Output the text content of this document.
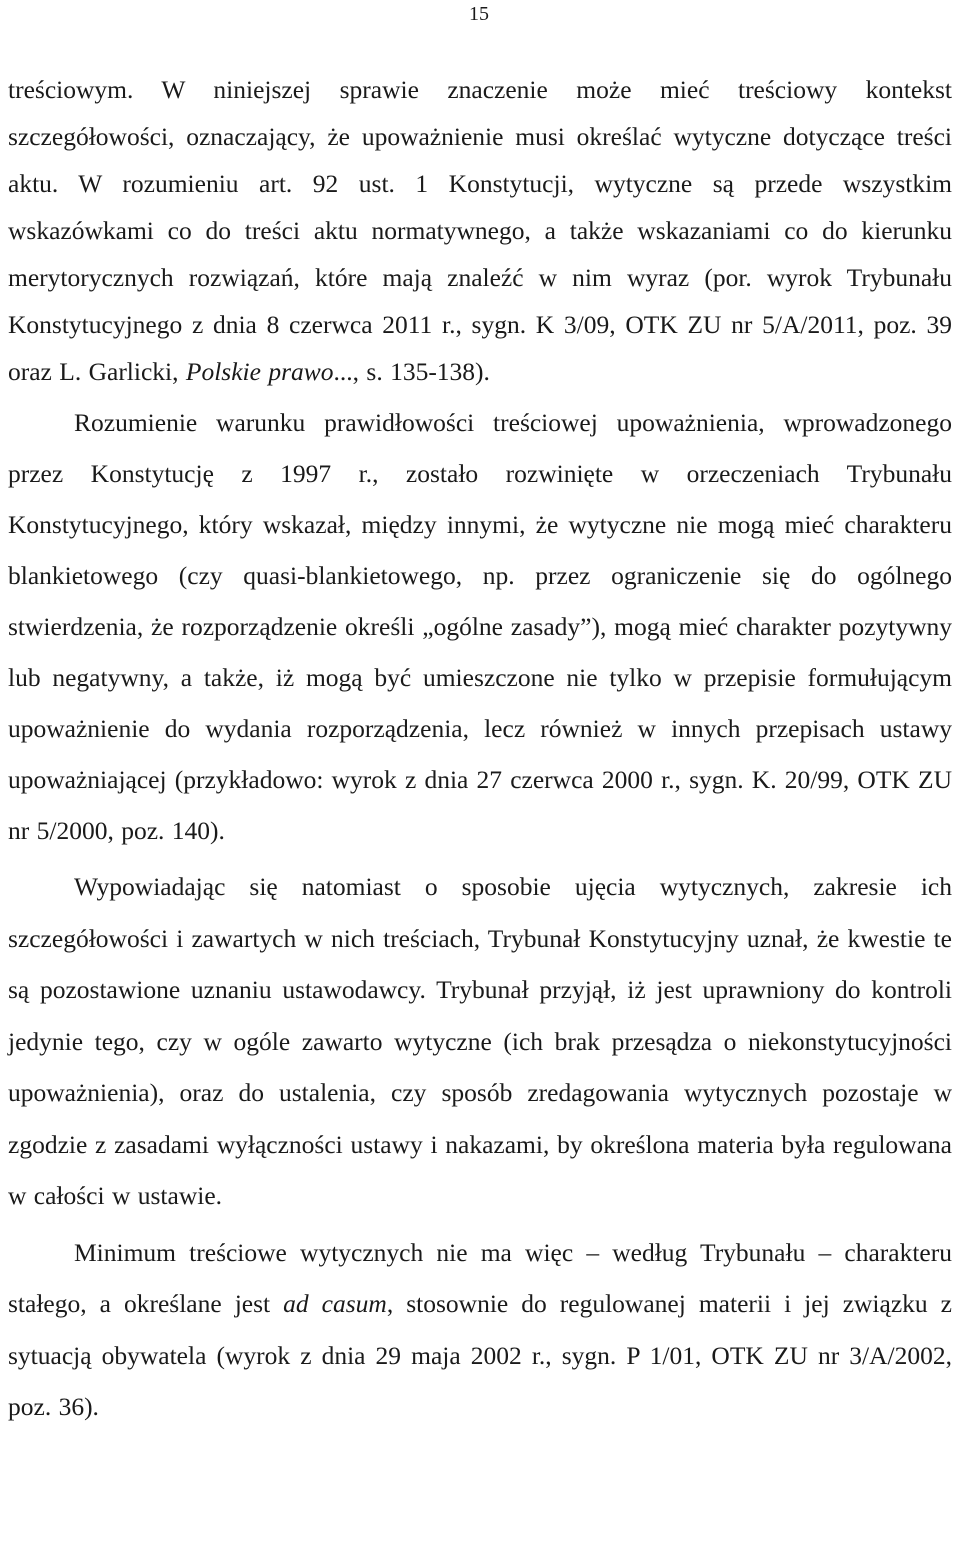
15

treściowym. W niniejszej sprawie znaczenie może mieć treściowy kontekst szczegółowości, oznaczający, że upoważnienie musi określać wytyczne dotyczące treści aktu. W rozumieniu art. 92 ust. 1 Konstytucji, wytyczne są przede wszystkim wskazówkami co do treści aktu normatywnego, a także wskazaniami co do kierunku merytorycznych rozwiązań, które mają znaleźć w nim wyraz (por. wyrok Trybunału Konstytucyjnego z dnia 8 czerwca 2011 r., sygn. K 3/09, OTK ZU nr 5/A/2011, poz. 39 oraz L. Garlicki, Polskie prawo..., s. 135-138).

Rozumienie warunku prawidłowości treściowej upoważnienia, wprowadzonego przez Konstytucję z 1997 r., zostało rozwinięte w orzeczeniach Trybunału Konstytucyjnego, który wskazał, między innymi, że wytyczne nie mogą mieć charakteru blankietowego (czy quasi-blankietowego, np. przez ograniczenie się do ogólnego stwierdzenia, że rozporządzenie określi „ogólne zasady”), mogą mieć charakter pozytywny lub negatywny, a także, iż mogą być umieszczone nie tylko w przepisie formułującym upoważnienie do wydania rozporządzenia, lecz również w innych przepisach ustawy upoważniającej (przykładowo: wyrok z dnia 27 czerwca 2000 r., sygn. K. 20/99, OTK ZU nr 5/2000, poz. 140).

Wypowiadając się natomiast o sposobie ujęcia wytycznych, zakresie ich szczegółowości i zawartych w nich treściach, Trybunał Konstytucyjny uznał, że kwestie te są pozostawione uznaniu ustawodawcy. Trybunał przyjął, iż jest uprawniony do kontroli jedynie tego, czy w ogóle zawarto wytyczne (ich brak przesądza o niekonstytucyjności upoważnienia), oraz do ustalenia, czy sposób zredagowania wytycznych pozostaje w zgodzie z zasadami wyłączności ustawy i nakazami, by określona materia była regulowana w całości w ustawie.

Minimum treściowe wytycznych nie ma więc – według Trybunału – charakteru stałego, a określane jest ad casum, stosownie do regulowanej materii i jej związku z sytuacją obywatela (wyrok z dnia 29 maja 2002 r., sygn. P 1/01, OTK ZU nr 3/A/2002, poz. 36).
